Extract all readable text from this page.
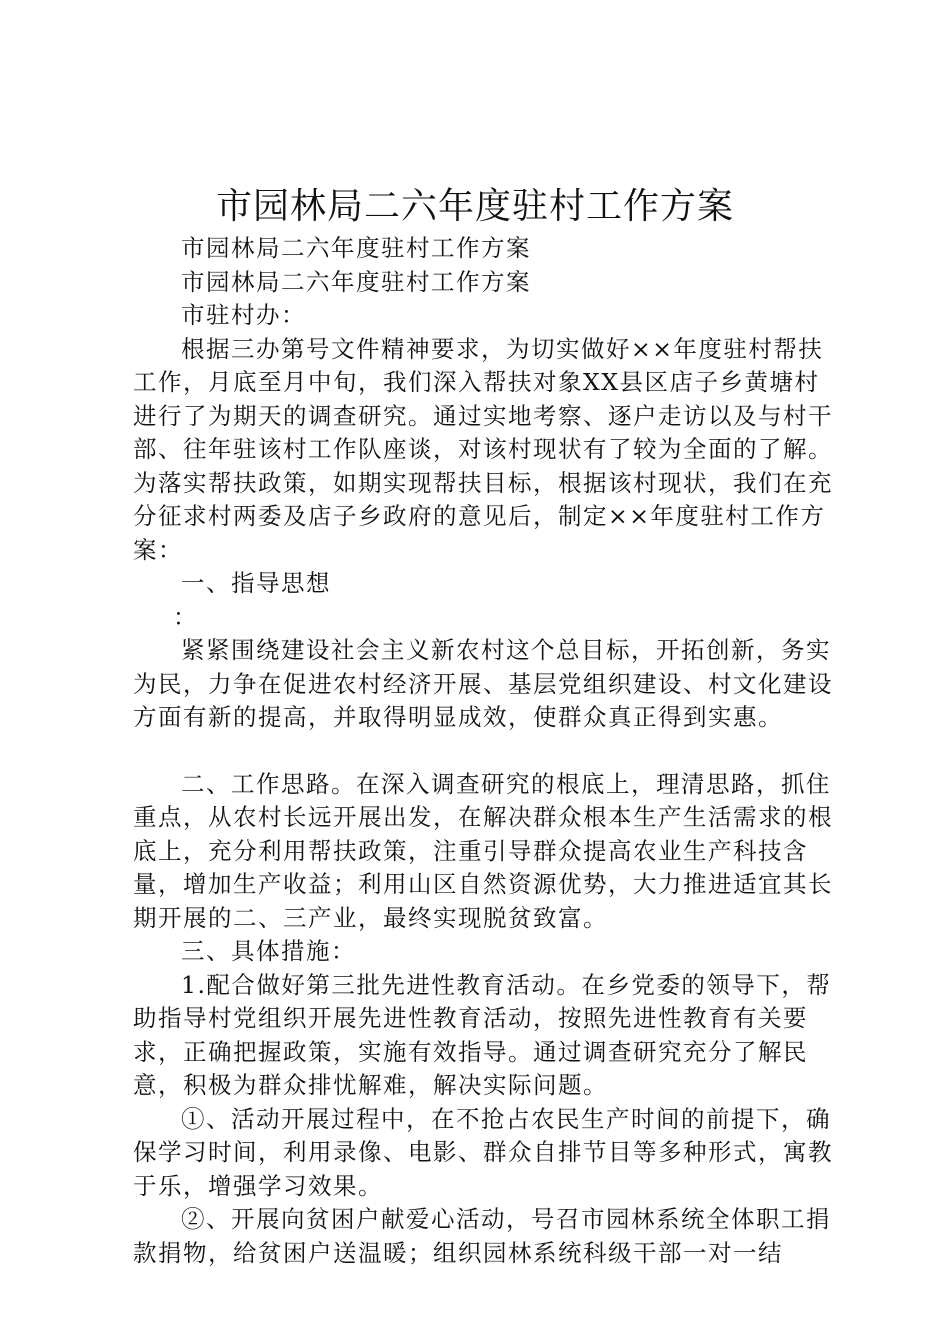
市园林局二六年度驻村工作方案

市园林局二六年度驻村工作方案

市园林局二六年度驻村工作方案

市驻村办：

根据三办第号文件精神要求，为切实做好××年度驻村帮扶工作，月底至月中旬，我们深入帮扶对象XX县区店子乡黄塘村进行了为期天的调查研究。通过实地考察、逐户走访以及与村干部、往年驻该村工作队座谈，对该村现状有了较为全面的了解。为落实帮扶政策，如期实现帮扶目标，根据该村现状，我们在充分征求村两委及店子乡政府的意见后，制定××年度驻村工作方案：

一、指导思想

：

紧紧围绕建设社会主义新农村这个总目标，开拓创新，务实为民，力争在促进农村经济开展、基层党组织建设、村文化建设方面有新的提高，并取得明显成效，使群众真正得到实惠。

二、工作思路。在深入调查研究的根底上，理清思路，抓住重点，从农村长远开展出发，在解决群众根本生产生活需求的根底上，充分利用帮扶政策，注重引导群众提高农业生产科技含量，增加生产收益；利用山区自然资源优势，大力推进适宜其长期开展的二、三产业，最终实现脱贫致富。

三、具体措施：

1.配合做好第三批先进性教育活动。在乡党委的领导下，帮助指导村党组织开展先进性教育活动，按照先进性教育有关要求，正确把握政策，实施有效指导。通过调查研究充分了解民意，积极为群众排忧解难，解决实际问题。

①、活动开展过程中，在不抢占农民生产时间的前提下，确保学习时间，利用录像、电影、群众自排节目等多种形式，寓教于乐，增强学习效果。

②、开展向贫困户献爱心活动，号召市园林系统全体职工捐款捐物，给贫困户送温暖；组织园林系统科级干部一对一结
